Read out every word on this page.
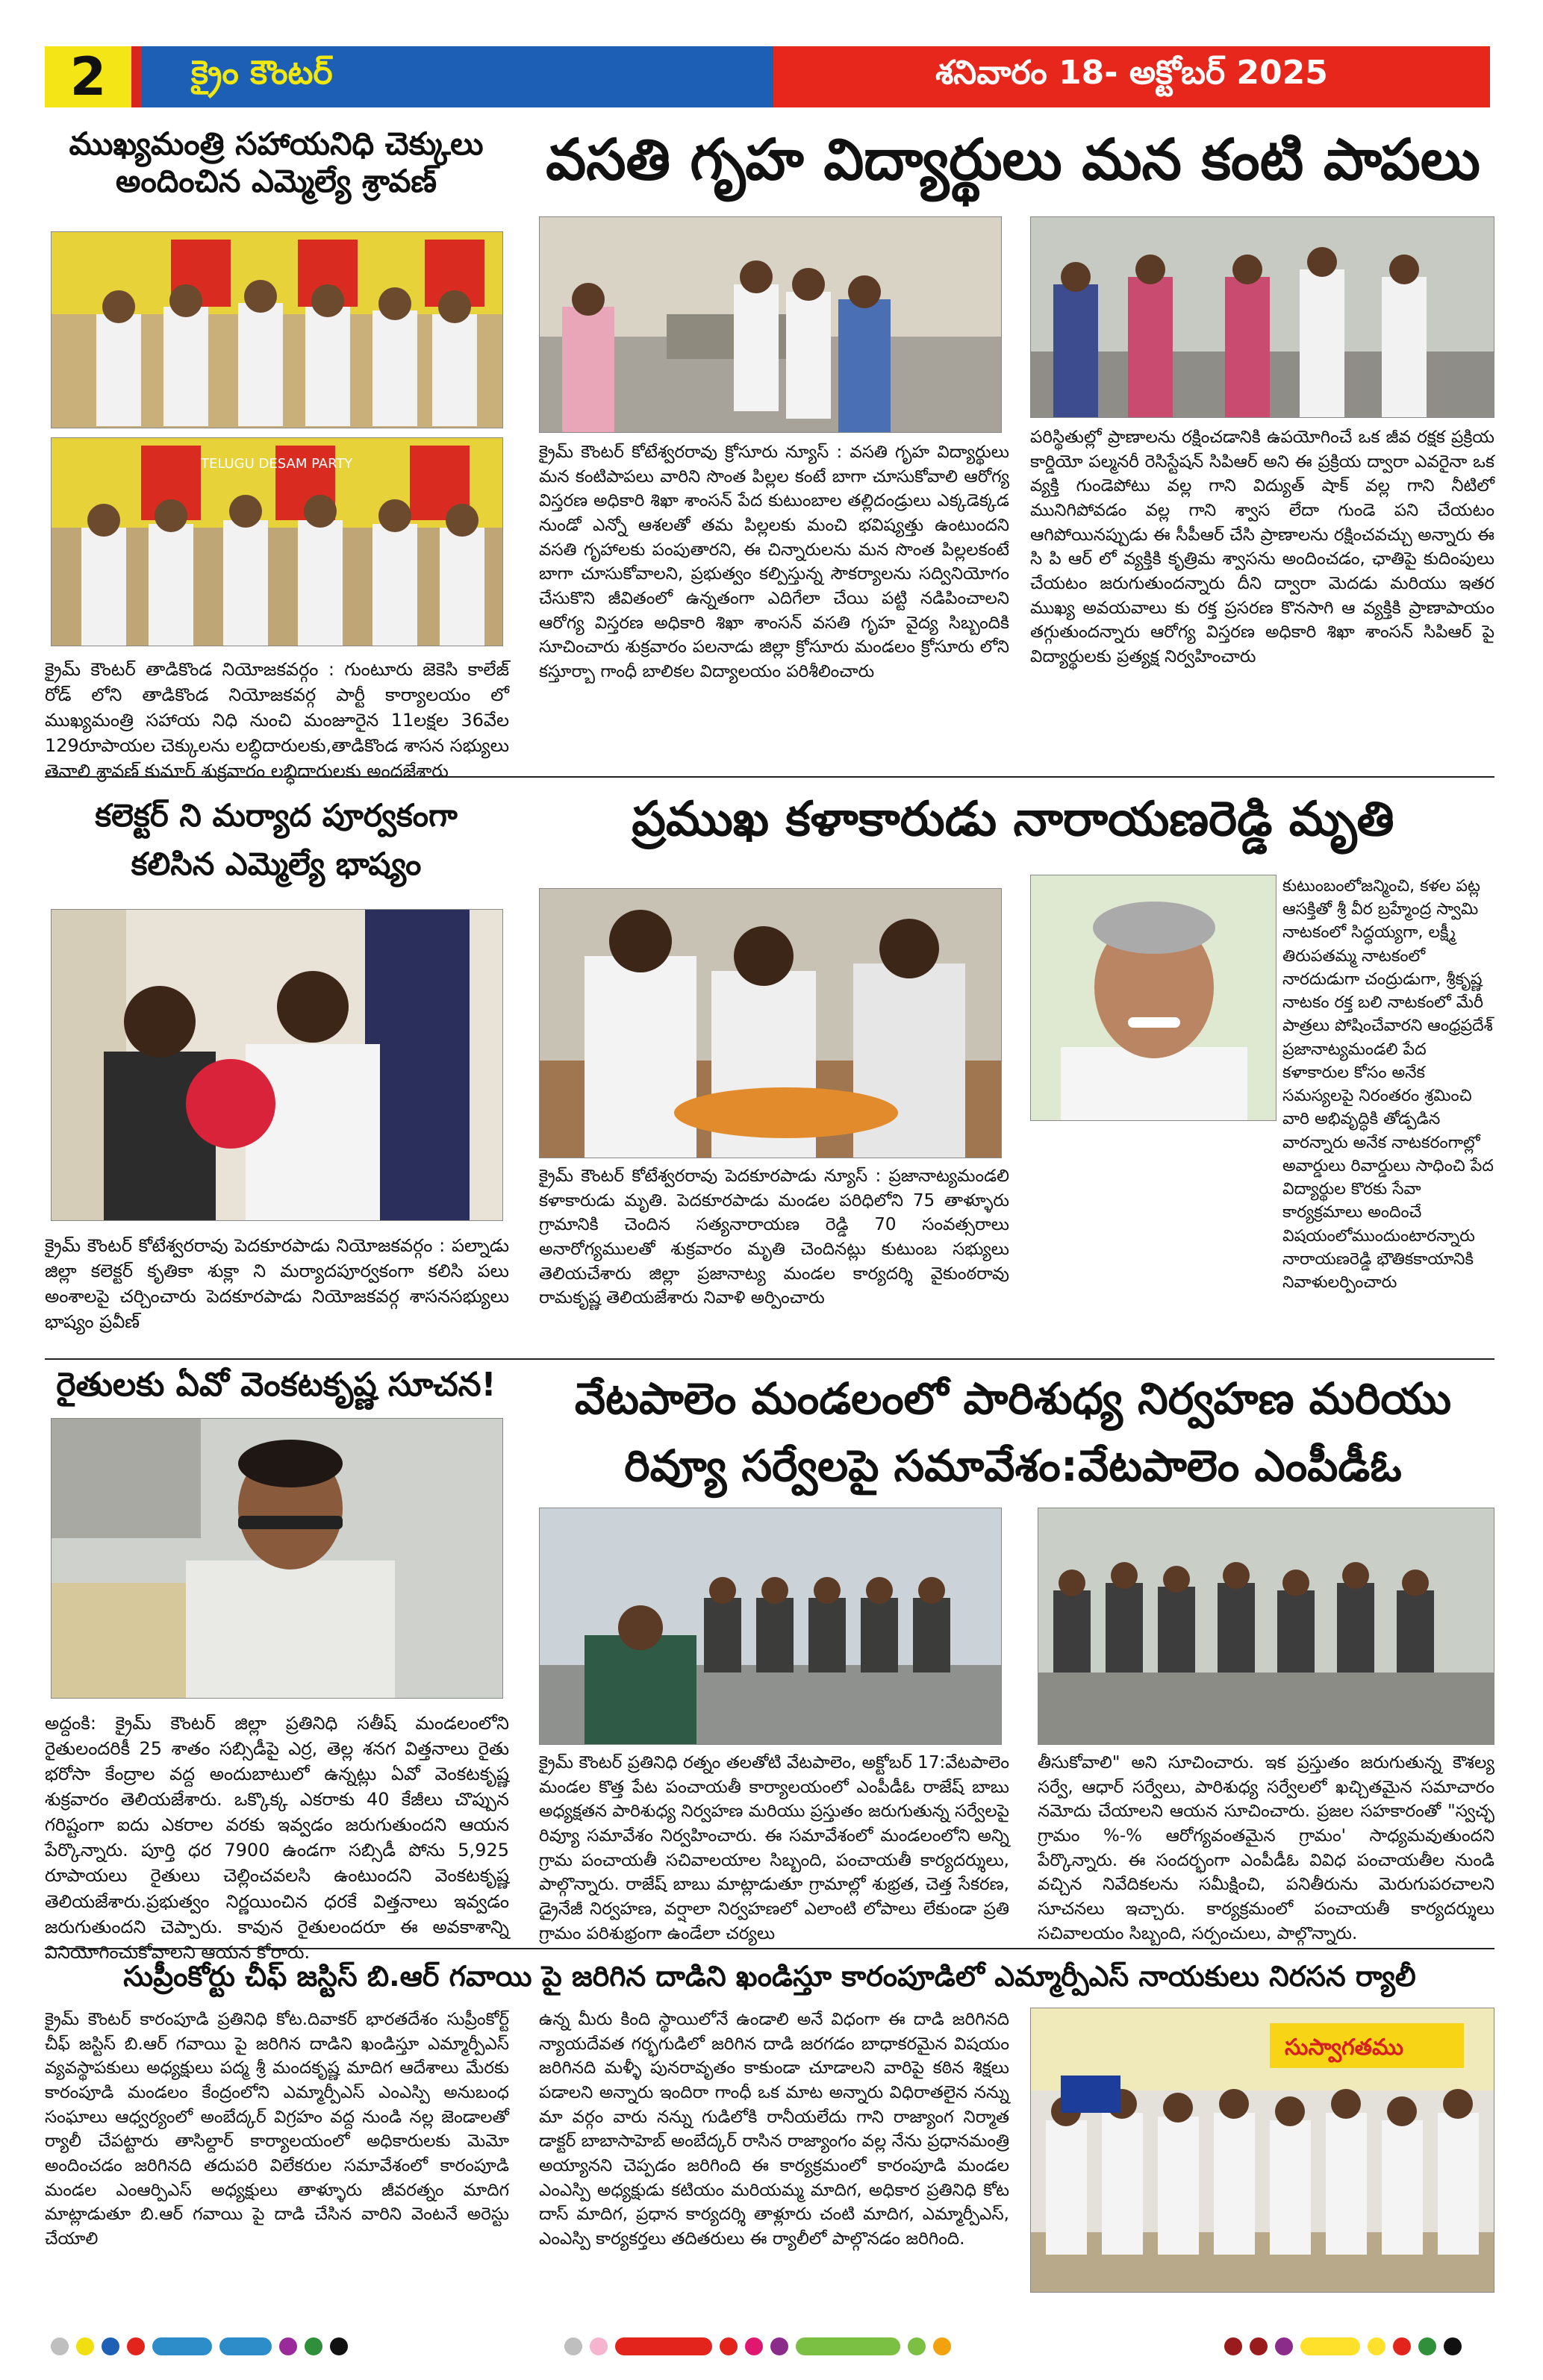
2	క్రైం కౌంటర్	శనివారం 18- అక్టోబర్ 2025
ముఖ్యమంత్రి సహాయనిధి చెక్కులు
అందించిన ఎమ్మెల్యే శ్రావణ్
TELUGU DESAM PARTY
క్రైమ్ కౌంటర్ తాడికొండ నియోజకవర్గం : గుంటూరు జెకెసి కాలేజ్ రోడ్ లోని తాడికొండ నియోజకవర్గ పార్టీ కార్యాలయం లో ముఖ్యమంత్రి సహాయ నిధి నుంచి మంజూరైన 11లక్షల 36వేల 129రూపాయల చెక్కులను లబ్ధిదారులకు,తాడికొండ శాసన సభ్యులు తెనాలి శ్రావణ్ కుమార్ శుక్రవారం లబ్ధిదారులకు అందజేశారు
వసతి గృహ విద్యార్థులు మన కంటి పాపలు
క్రైమ్ కౌంటర్ కోటేశ్వరరావు క్రోసూరు న్యూస్ : వసతి గృహ విద్యార్థులు మన కంటిపాపలు వారిని సొంత పిల్లల కంటే బాగా చూసుకోవాలి ఆరోగ్య విస్తరణ అధికారి శిఖా శాంసన్ పేద కుటుంబాల తల్లిదండ్రులు ఎక్కడెక్కడ నుండో ఎన్నో ఆశలతో తమ పిల్లలకు మంచి భవిష్యత్తు ఉంటుందని వసతి గృహాలకు పంపుతారని, ఈ చిన్నారులను మన సొంత పిల్లలకంటే బాగా చూసుకోవాలని, ప్రభుత్వం కల్పిస్తున్న సౌకర్యాలను సద్వినియోగం చేసుకొని జీవితంలో ఉన్నతంగా ఎదిగేలా చేయి పట్టి నడిపించాలని ఆరోగ్య విస్తరణ అధికారి శిఖా శాంసన్ వసతి గృహ వైద్య సిబ్బందికి సూచించారు శుక్రవారం పలనాడు జిల్లా క్రోసూరు మండలం క్రోసూరు లోని కస్తూర్బా గాంధీ బాలికల విద్యాలయం పరిశీలించారు
పరిస్థితుల్లో ప్రాణాలను రక్షించడానికి ఉపయోగించే ఒక జీవ రక్షక ప్రక్రియ కార్డియో పల్మనరీ రెసిస్టేషన్ సిపిఆర్ అని ఈ ప్రక్రియ ద్వారా ఎవరైనా ఒక వ్యక్తి గుండెపోటు వల్ల గాని విద్యుత్ షాక్ వల్ల గాని నీటిలో మునిగిపోవడం వల్ల గాని శ్వాస లేదా గుండె పని చేయటం ఆగిపోయినప్పుడు ఈ సీపీఆర్ చేసి ప్రాణాలను రక్షించవచ్చు అన్నారు ఈ సి పి ఆర్ లో వ్యక్తికి కృత్రిమ శ్వాసను అందించడం, ఛాతిపై కుదింపులు చేయటం జరుగుతుందన్నారు దీని ద్వారా మెదడు మరియు ఇతర ముఖ్య అవయవాలు కు రక్త ప్రసరణ కొనసాగి ఆ వ్యక్తికి ప్రాణాపాయం తగ్గుతుందన్నారు ఆరోగ్య విస్తరణ అధికారి శిఖా శాంసన్ సిపిఆర్ పై విద్యార్థులకు ప్రత్యక్ష నిర్వహించారు
కలెక్టర్ ని మర్యాద పూర్వకంగా
కలిసిన ఎమ్మెల్యే భాష్యం
క్రైమ్ కౌంటర్ కోటేశ్వరరావు పెదకూరపాడు నియోజకవర్గం : పల్నాడు జిల్లా కలెక్టర్ కృతికా శుక్లా ని మర్యాదపూర్వకంగా కలిసి పలు అంశాలపై చర్చించారు పెదకూరపాడు నియోజకవర్గ శాసనసభ్యులు భాష్యం ప్రవీణ్
ప్రముఖ కళాకారుడు నారాయణరెడ్డి మృతి
కుటుంబంలోజన్మించి, కళల పట్ల ఆసక్తితో శ్రీ వీర బ్రహ్మేంద్ర స్వామి నాటకంలో సిద్ధయ్యగా, లక్ష్మీ తిరుపతమ్మ నాటకంలో నారదుడుగా చంద్రుడుగా, శ్రీకృష్ణ నాటకం రక్త బలి నాటకంలో మేరీ పాత్రలు పోషించేవారని ఆంధ్రప్రదేశ్ ప్రజానాట్యమండలి పేద కళాకారుల కోసం అనేక సమస్యలపై నిరంతరం శ్రమించి వారి అభివృద్ధికి తోడ్పడిన వారన్నారు అనేక నాటకరంగాల్లో అవార్డులు రివార్డులు సాధించి పేద విద్యార్థుల కొరకు సేవా కార్యక్రమాలు అందించే విషయంలోముందుంటారన్నారు నారాయణరెడ్డి భౌతికకాయానికి నివాళులర్పించారు
క్రైమ్ కౌంటర్ కోటేశ్వరరావు పెదకూరపాడు న్యూస్ : ప్రజానాట్యమండలి కళాకారుడు మృతి. పెదకూరపాడు మండల పరిధిలోని 75 తాళ్ళూరు గ్రామానికి చెందిన సత్యనారాయణ రెడ్డి 70 సంవత్సరాలు అనారోగ్యములతో శుక్రవారం మృతి చెందినట్లు కుటుంబ సభ్యులు తెలియచేశారు జిల్లా ప్రజానాట్య మండల కార్యదర్శి వైకుంఠరావు రామకృష్ణ తెలియజేశారు నివాళి అర్పించారు
రైతులకు ఏవో వెంకటకృష్ణ సూచన!
అద్దంకి: క్రైమ్ కౌంటర్ జిల్లా ప్రతినిధి సతీష్ మండలంలోని రైతులందరికీ 25 శాతం సబ్సిడీపై ఎర్ర, తెల్ల శనగ విత్తనాలు రైతు భరోసా కేంద్రాల వద్ద అందుబాటులో ఉన్నట్లు ఏవో వెంకటకృష్ణ శుక్రవారం తెలియజేశారు. ఒక్కొక్క ఎకరాకు 40 కేజీలు చొప్పున గరిష్టంగా ఐదు ఎకరాల వరకు ఇవ్వడం జరుగుతుందని ఆయన పేర్కొన్నారు. పూర్తి ధర 7900 ఉండగా సబ్సిడీ పోను 5,925 రూపాయలు రైతులు చెల్లించవలసి ఉంటుందని వెంకటకృష్ణ తెలియజేశారు.ప్రభుత్వం నిర్ణయించిన ధరకే విత్తనాలు ఇవ్వడం జరుగుతుందని చెప్పారు. కావున రైతులందరూ ఈ అవకాశాన్ని వినియోగించుకోవాలని ఆయన కోరారు.
వేటపాలెం మండలంలో పారిశుధ్య నిర్వహణ మరియు
రివ్యూ సర్వేలపై సమావేశం:వేటపాలెం ఎంపీడీఓ
క్రైమ్ కౌంటర్ ప్రతినిధి రత్నం తలతోటి వేటపాలెం, అక్టోబర్ 17:వేటపాలెం మండల కొత్త పేట పంచాయతీ కార్యాలయంలో ఎంపీడీఓ రాజేష్ బాబు అధ్యక్షతన పారిశుధ్య నిర్వహణ మరియు ప్రస్తుతం జరుగుతున్న సర్వేలపై రివ్యూ సమావేశం నిర్వహించారు. ఈ సమావేశంలో మండలంలోని అన్ని గ్రామ పంచాయతీ సచివాలయాల సిబ్బంది, పంచాయతీ కార్యదర్శులు, పాల్గొన్నారు. రాజేష్ బాబు మాట్లాడుతూ గ్రామాల్లో శుభ్రత, చెత్త సేకరణ, డ్రైనేజీ నిర్వహణ, వర్షాలా నిర్వహణలో ఎలాంటి లోపాలు లేకుండా ప్రతి గ్రామం పరిశుభ్రంగా ఉండేలా చర్యలు
తీసుకోవాలి" అని సూచించారు. ఇక ప్రస్తుతం జరుగుతున్న కౌశల్య సర్వే, ఆధార్ సర్వేలు, పారిశుధ్య సర్వేలలో ఖచ్చితమైన సమాచారం నమోదు చేయాలని ఆయన సూచించారు. ప్రజల సహకారంతో "స్వచ్ఛ గ్రామం %-% ఆరోగ్యవంతమైన గ్రామం' సాధ్యమవుతుందని పేర్కొన్నారు. ఈ సందర్భంగా ఎంపీడీఓ వివిధ పంచాయతీల నుండి వచ్చిన నివేదికలను సమీక్షించి, పనితీరును మెరుగుపరచాలని సూచనలు ఇచ్చారు. కార్యక్రమంలో పంచాయతీ కార్యదర్శులు సచివాలయం సిబ్బంది, సర్పంచులు, పాల్గొన్నారు.
సుప్రీంకోర్టు చీఫ్ జస్టిస్ బి.ఆర్ గవాయి పై జరిగిన దాడిని ఖండిస్తూ కారంపూడిలో ఎమ్మార్పీఎస్ నాయకులు నిరసన ర్యాలీ
క్రైమ్ కౌంటర్ కారంపూడి ప్రతినిధి కోట.దివాకర్ భారతదేశం సుప్రీంకోర్ట్ చీఫ్ జస్టిస్ బి.ఆర్ గవాయి పై జరిగిన దాడిని ఖండిస్తూ ఎమ్మార్పీఎస్ వ్యవస్థాపకులు అధ్యక్షులు పద్మ శ్రీ మందకృష్ణ మాదిగ ఆదేశాలు మేరకు కారంపూడి మండలం కేంద్రంలోని ఎమ్మార్పీఎస్ ఎంఎస్పి అనుబంధ సంఘాలు ఆధ్వర్యంలో అంబేద్కర్ విగ్రహం వద్ద నుండి నల్ల జెండాలతో ర్యాలీ చేపట్టారు తాసిల్దార్ కార్యాలయంలో అధికారులకు మెమో అందించడం జరిగినది తదుపరి విలేకరుల సమావేశంలో కారంపూడి మండల ఎంఆర్పిఎస్ అధ్యక్షులు తాళ్ళూరు జీవరత్నం మాదిగ మాట్లాడుతూ బి.ఆర్ గవాయి పై దాడి చేసిన వారిని వెంటనే అరెస్టు చేయాలి
ఉన్న మీరు కింది స్థాయిలోనే ఉండాలి అనే విధంగా ఈ దాడి జరిగినది న్యాయదేవత గర్భగుడిలో జరిగిన దాడి జరగడం బాధాకరమైన విషయం జరిగినది మళ్ళీ పునరావృతం కాకుండా చూడాలని వారిపై కఠిన శిక్షలు పడాలని అన్నారు ఇందిరా గాంధీ ఒక మాట అన్నారు విధిరాతలైన నన్ను మా వర్గం వారు నన్ను గుడిలోకి రానీయలేదు గాని రాజ్యాంగ నిర్మాత డాక్టర్ బాబాసాహెబ్ అంబేద్కర్ రాసిన రాజ్యాంగం వల్ల నేను ప్రధానమంత్రి అయ్యానని చెప్పడం జరిగింది ఈ కార్యక్రమంలో కారంపూడి మండల ఎంఎస్పి అధ్యక్షుడు కటియం మరియమ్మ మాదిగ, అధికార ప్రతినిధి కోట దాస్ మాదిగ, ప్రధాన కార్యదర్శి తాళ్లూరు చంటి మాదిగ, ఎమ్మార్పీఎస్, ఎంఎస్పి కార్యకర్తలు తదితరులు ఈ ర్యాలీలో పాల్గొనడం జరిగింది.
సుస్వాగతము
